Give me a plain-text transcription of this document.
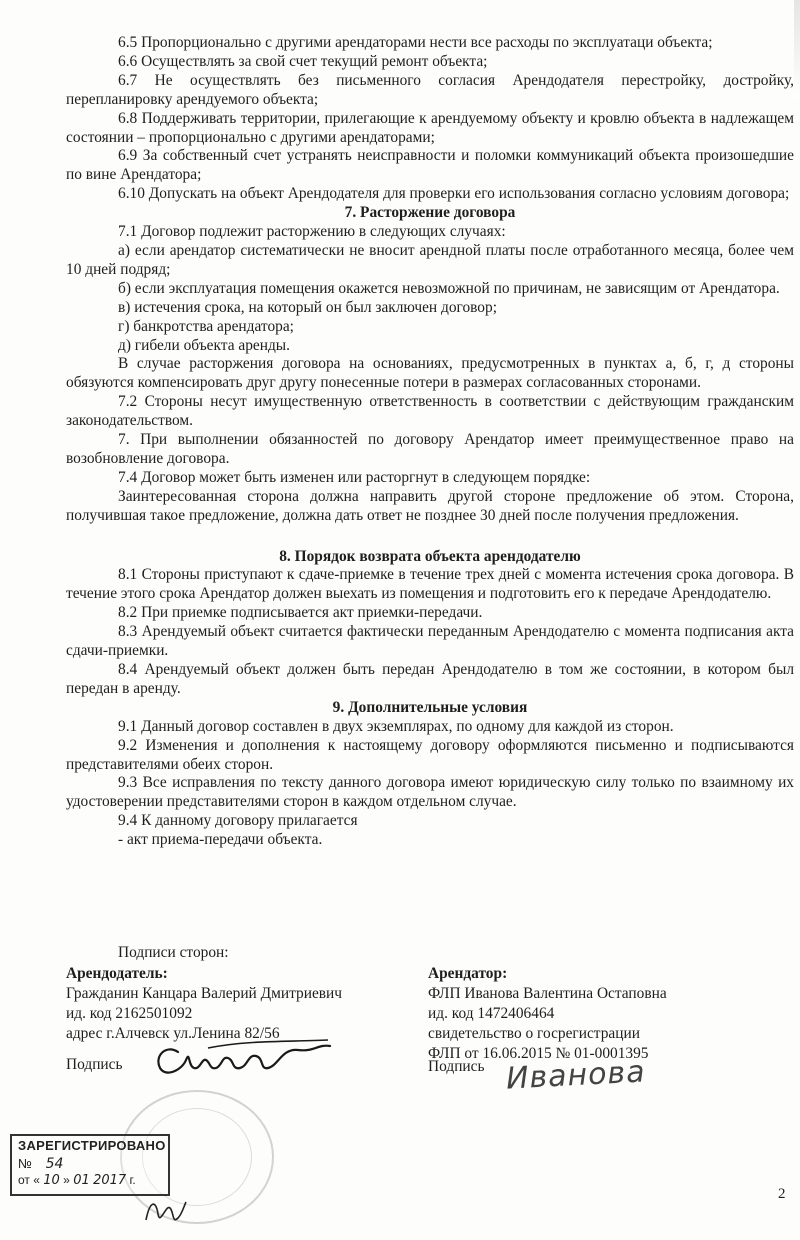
6.5 Пропорционально с другими арендаторами нести все расходы по эксплуатаци объекта;

6.6 Осуществлять за свой счет текущий ремонт объекта;

6.7 Не осуществлять без письменного согласия Арендодателя перестройку, достройку, перепланировку арендуемого объекта;

6.8 Поддерживать территории, прилегающие к арендуемому объекту и кровлю объекта в надлежащем состоянии – пропорционально с другими арендаторами;

6.9 За собственный счет устранять неисправности и поломки коммуникаций объекта произошедшие по вине Арендатора;

6.10 Допускать на объект Арендодателя для проверки его использования согласно условиям договора;

7. Расторжение договора

7.1 Договор подлежит расторжению в следующих случаях:

а) если арендатор систематически не вносит арендной платы после отработанного месяца, более чем 10 дней подряд;

б) если эксплуатация помещения окажется невозможной по причинам, не зависящим от Арендатора.

в) истечения срока, на который он был заключен договор;

г) банкротства арендатора;

д) гибели объекта аренды.

В случае расторжения договора на основаниях, предусмотренных в пунктах а, б, г, д стороны обязуются компенсировать друг другу понесенные потери в размерах согласованных сторонами.

7.2 Стороны несут имущественную ответственность в соответствии с действующим гражданским законодательством.

7. При выполнении обязанностей по договору Арендатор имеет преимущественное право на возобновление договора.

7.4 Договор может быть изменен или расторгнут в следующем порядке:

Заинтересованная сторона должна направить другой стороне предложение об этом. Сторона, получившая такое предложение, должна дать ответ не позднее 30 дней после получения предложения.

8. Порядок возврата объекта арендодателю

8.1 Стороны приступают к сдаче-приемке в течение трех дней с момента истечения срока договора. В течение этого срока Арендатор должен выехать из помещения и подготовить его к передаче Арендодателю.

8.2 При приемке подписывается акт приемки-передачи.

8.3 Арендуемый объект считается фактически переданным Арендодателю с момента подписания акта сдачи-приемки.

8.4 Арендуемый объект должен быть передан Арендодателю в том же состоянии, в котором был передан в аренду.

9. Дополнительные условия

9.1 Данный договор составлен в двух экземплярах, по одному для каждой из сторон.

9.2 Изменения и дополнения к настоящему договору оформляются письменно и подписываются представителями обеих сторон.

9.3 Все исправления по тексту данного договора имеют юридическую силу только по взаимному их удостоверении представителями сторон в каждом отдельном случае.

9.4 К данному договору прилагается

- акт приема-передачи объекта.

Подписи сторон:
Арендодатель:
Гражданин Канцара Валерий Дмитриевич
ид. код 2162501092
адрес г.Алчевск ул.Ленина 82/56
Подпись
Арендатор:
ФЛП Иванова Валентина Остаповна
ид. код 1472406464
свидетельство о госрегистрации
ФЛП от 16.06.2015 № 01-0001395
Подпись Иванова
ЗАРЕГИСТРИРОВАНО
№ 54
от « 10 » 01 2017 г.
2
